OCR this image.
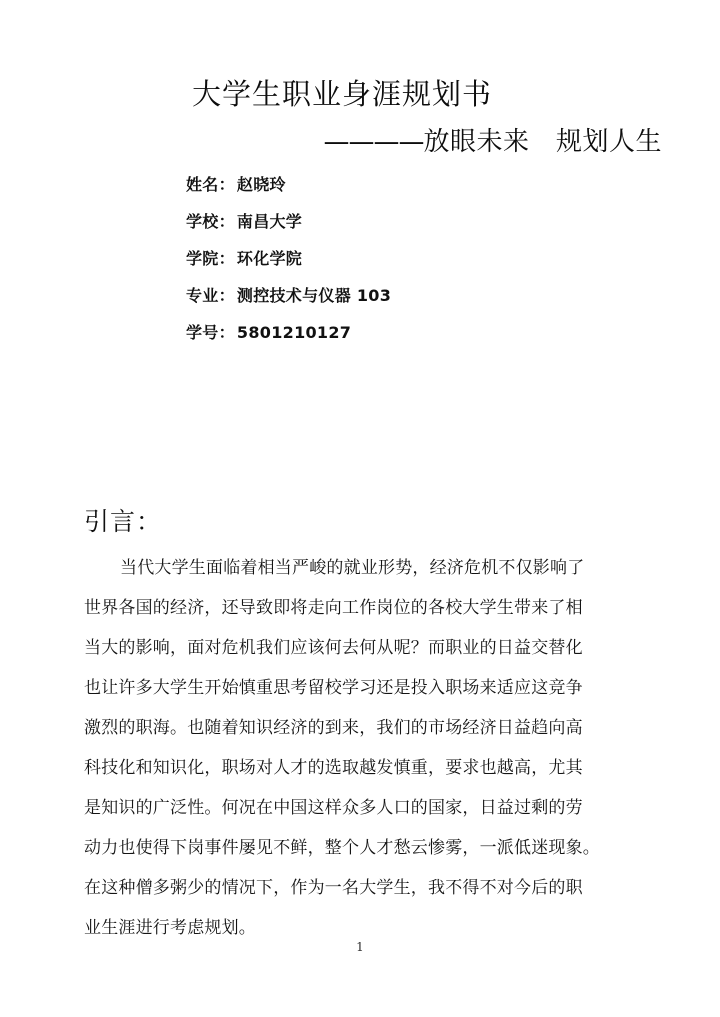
大学生职业身涯规划书
————放眼未来　规划人生
姓名： 赵晓玲
学校： 南昌大学
学院： 环化学院
专业： 测控技术与仪器 103
学号： 5801210127
引言：
当代大学生面临着相当严峻的就业形势，经济危机不仅影响了
世界各国的经济，还导致即将走向工作岗位的各校大学生带来了相
当大的影响，面对危机我们应该何去何从呢？而职业的日益交替化
也让许多大学生开始慎重思考留校学习还是投入职场来适应这竞争
激烈的职海。也随着知识经济的到来，我们的市场经济日益趋向高
科技化和知识化，职场对人才的选取越发慎重，要求也越高，尤其
是知识的广泛性。何况在中国这样众多人口的国家，日益过剩的劳
动力也使得下岗事件屡见不鲜，整个人才愁云惨雾，一派低迷现象。
在这种僧多粥少的情况下，作为一名大学生，我不得不对今后的职
业生涯进行考虑规划。
1
